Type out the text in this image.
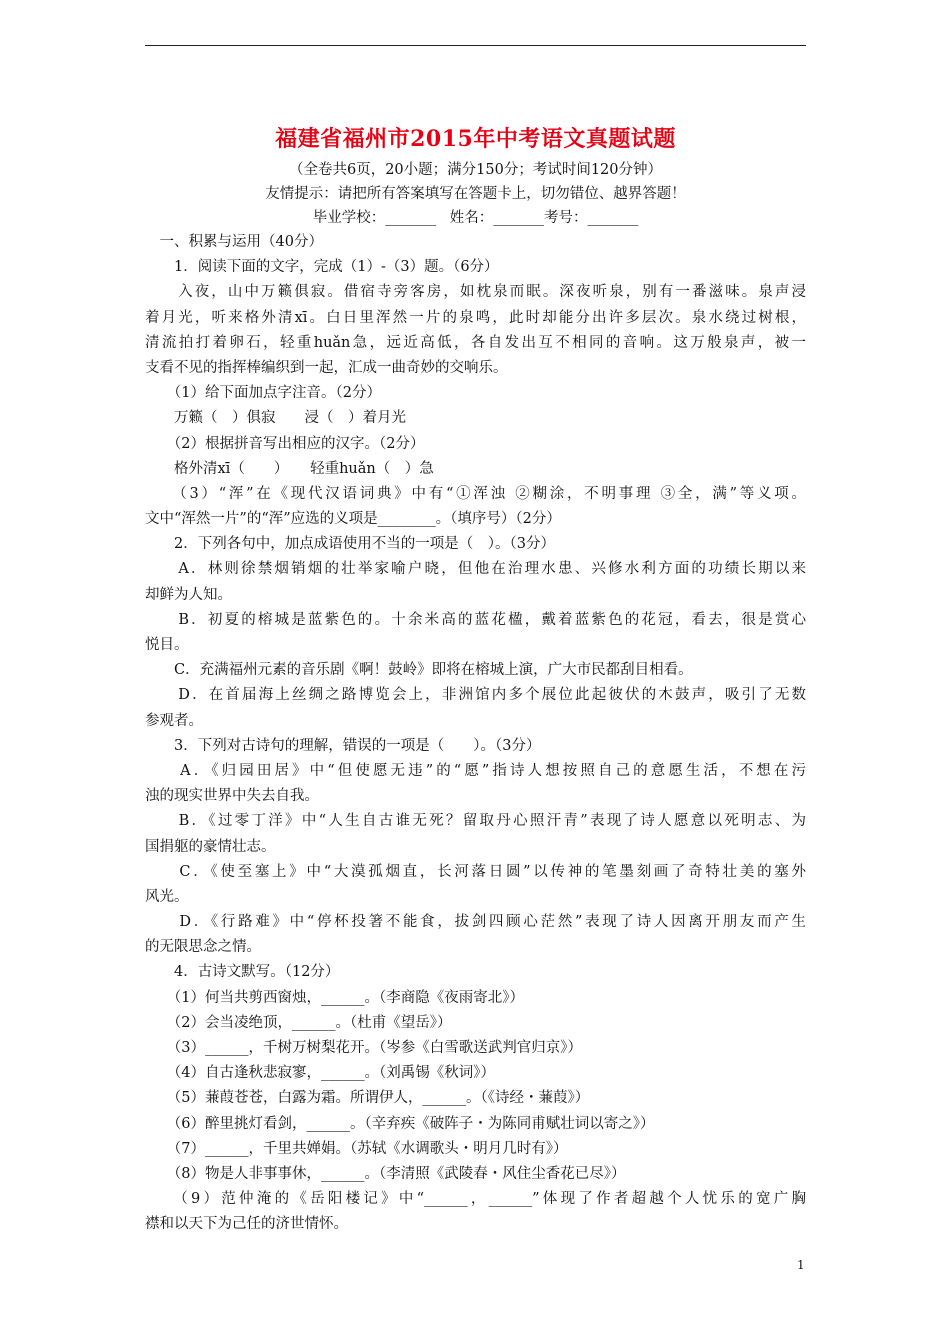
福建省福州市2015年中考语文真题试题
（全卷共6页，20小题；满分150分；考试时间120分钟）
友情提示：请把所有答案填写在答题卡上，切勿错位、越界答题！
毕业学校：_______   姓名：_______考号：_______
　一、积累与运用（40分）
　　1．阅读下面的文字，完成（1）-（3）题。（6分）
　　入夜，山中万籁俱寂。借宿寺旁客房，如枕泉而眠。深夜听泉，别有一番滋味。泉声浸
着月光，听来格外清xī。白日里浑然一片的泉鸣，此时却能分出许多层次。泉水绕过树根，
清流拍打着卵石，轻重huǎn急，远近高低，各自发出互不相同的音响。这万般泉声，被一
支看不见的指挥棒编织到一起，汇成一曲奇妙的交响乐。
　　（1）给下面加点字注音。（2分）
　　万籁（　）俱寂　　浸（　）着月光
　　（2）根据拼音写出相应的汉字。（2分）
　　格外清xī（　　）　　轻重huǎn（　）急
　　（3）“浑”在《现代汉语词典》中有“①浑浊 ②糊涂，不明事理 ③全，满”等义项。
文中“浑然一片”的“浑”应选的义项是________。（填序号）（2分）
　　2．下列各句中，加点成语使用不当的一项是（　）。（3分）
　　A．林则徐禁烟销烟的壮举家喻户晓，但他在治理水患、兴修水利方面的功绩长期以来
却鲜为人知。
　　B．初夏的榕城是蓝紫色的。十余米高的蓝花楹，戴着蓝紫色的花冠，看去，很是赏心
悦目。
　　C．充满福州元素的音乐剧《啊！鼓岭》即将在榕城上演，广大市民都刮目相看。
　　D．在首届海上丝绸之路博览会上，非洲馆内多个展位此起彼伏的木鼓声，吸引了无数
参观者。
　　3．下列对古诗句的理解，错误的一项是（　　）。（3分）
　　A．《归园田居》中“但使愿无违”的“愿”指诗人想按照自己的意愿生活，不想在污
浊的现实世界中失去自我。
　　B．《过零丁洋》中“人生自古谁无死？留取丹心照汗青”表现了诗人愿意以死明志、为
国捐躯的豪情壮志。
　　C．《使至塞上》中“大漠孤烟直，长河落日圆”以传神的笔墨刻画了奇特壮美的塞外
风光。
　　D．《行路难》中“停杯投箸不能食，拔剑四顾心茫然”表现了诗人因离开朋友而产生
的无限思念之情。
　　4．古诗文默写。（12分）
　　（1）何当共剪西窗烛，______。（李商隐《夜雨寄北》）
　　（2）会当凌绝顶，______。（杜甫《望岳》）
　　（3）______，千树万树梨花开。（岑参《白雪歌送武判官归京》）
　　（4）自古逢秋悲寂寥，______。（刘禹锡《秋词》）
　　（5）蒹葭苍苍，白露为霜。所谓伊人，______。（《诗经・蒹葭》）
　　（6）醉里挑灯看剑，______。（辛弃疾《破阵子・为陈同甫赋壮词以寄之》）
　　（7）______，千里共婵娟。（苏轼《水调歌头・明月几时有》）
　　（8）物是人非事事休，______。（李清照《武陵春・风住尘香花已尽》）
　　（9）范仲淹的《岳阳楼记》中“______，______”体现了作者超越个人忧乐的宽广胸
襟和以天下为己任的济世情怀。
1
